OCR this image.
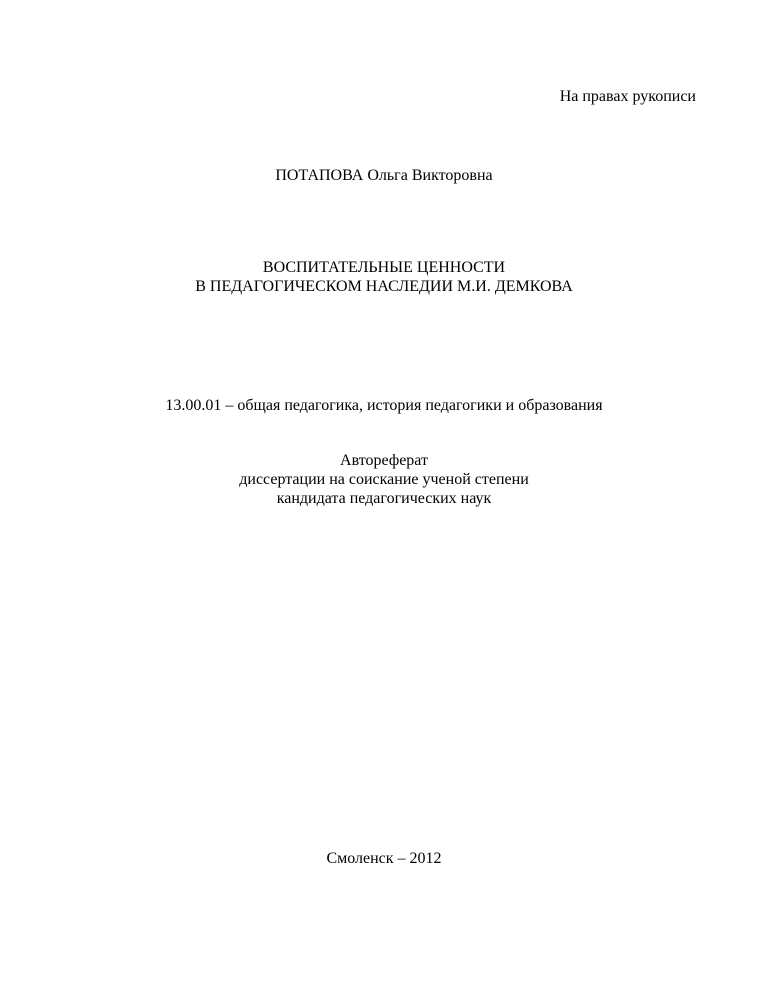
На правах рукописи
ПОТАПОВА Ольга Викторовна
ВОСПИТАТЕЛЬНЫЕ ЦЕННОСТИ
В ПЕДАГОГИЧЕСКОМ НАСЛЕДИИ М.И. ДЕМКОВА
13.00.01 – общая педагогика, история педагогики и образования
Автореферат
диссертации на соискание ученой степени
кандидата педагогических наук
Смоленск – 2012
